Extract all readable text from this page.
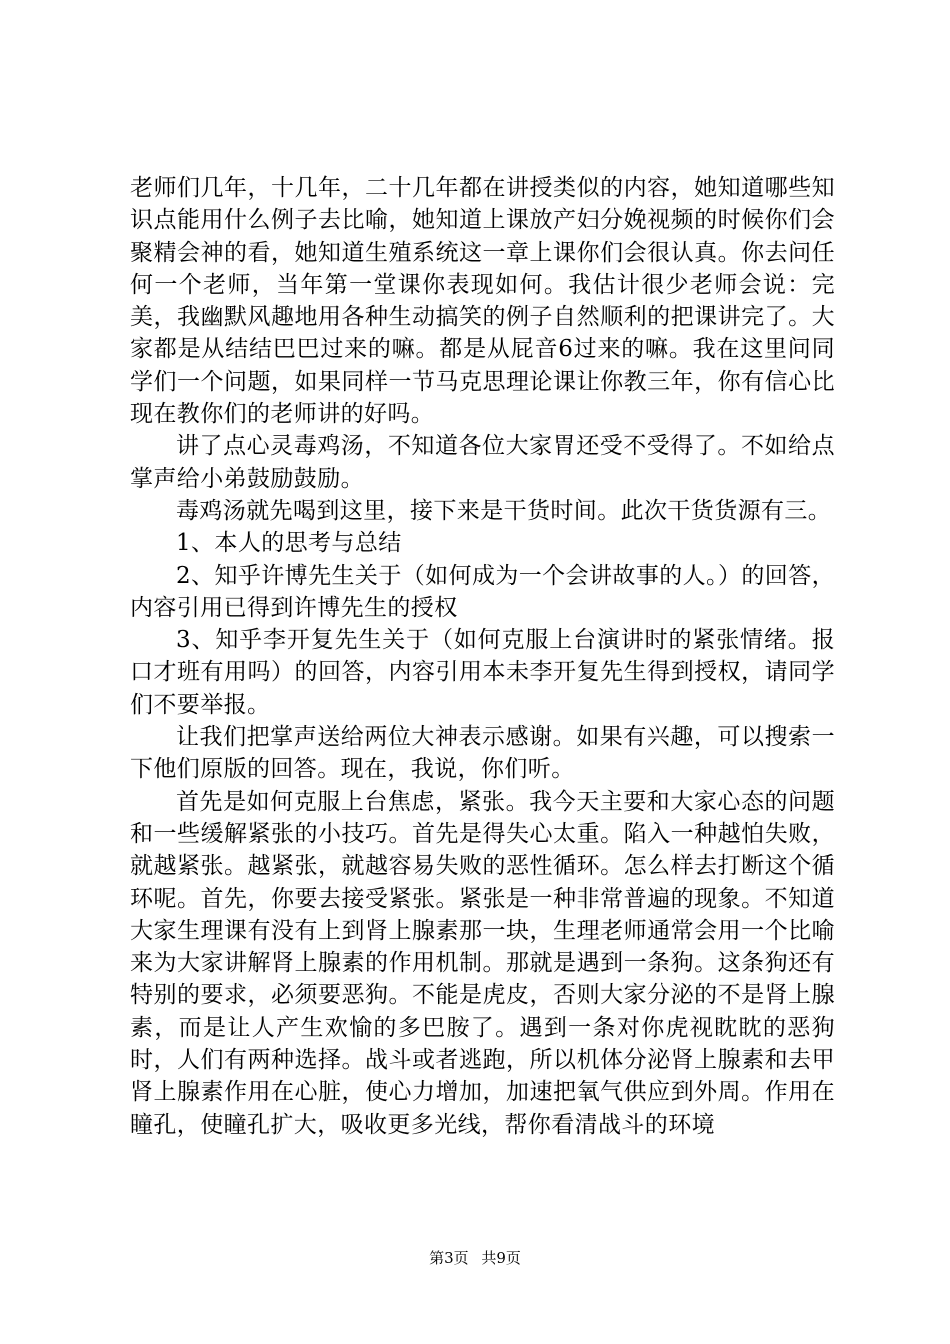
老师们几年，十几年，二十几年都在讲授类似的内容，她知道哪些知识点能用什么例子去比喻，她知道上课放产妇分娩视频的时候你们会聚精会神的看，她知道生殖系统这一章上课你们会很认真。你去问任何一个老师，当年第一堂课你表现如何。我估计很少老师会说：完美，我幽默风趣地用各种生动搞笑的例子自然顺利的把课讲完了。大家都是从结结巴巴过来的嘛。都是从屁音6过来的嘛。我在这里问同学们一个问题，如果同样一节马克思理论课让你教三年，你有信心比现在教你们的老师讲的好吗。

讲了点心灵毒鸡汤，不知道各位大家胃还受不受得了。不如给点掌声给小弟鼓励鼓励。

毒鸡汤就先喝到这里，接下来是干货时间。此次干货货源有三。

1、本人的思考与总结

2、知乎许博先生关于（如何成为一个会讲故事的人。）的回答，内容引用已得到许博先生的授权

3、知乎李开复先生关于（如何克服上台演讲时的紧张情绪。报口才班有用吗）的回答，内容引用本未李开复先生得到授权，请同学们不要举报。

让我们把掌声送给两位大神表示感谢。如果有兴趣，可以搜索一下他们原版的回答。现在，我说，你们听。

首先是如何克服上台焦虑，紧张。我今天主要和大家心态的问题和一些缓解紧张的小技巧。首先是得失心太重。陷入一种越怕失败，就越紧张。越紧张，就越容易失败的恶性循环。怎么样去打断这个循环呢。首先，你要去接受紧张。紧张是一种非常普遍的现象。不知道大家生理课有没有上到肾上腺素那一块，生理老师通常会用一个比喻来为大家讲解肾上腺素的作用机制。那就是遇到一条狗。这条狗还有特别的要求，必须要恶狗。不能是虎皮，否则大家分泌的不是肾上腺素，而是让人产生欢愉的多巴胺了。遇到一条对你虎视眈眈的恶狗时，人们有两种选择。战斗或者逃跑，所以机体分泌肾上腺素和去甲肾上腺素作用在心脏，使心力增加，加速把氧气供应到外周。作用在瞳孔，使瞳孔扩大，吸收更多光线，帮你看清战斗的环境

第3页 共9页
